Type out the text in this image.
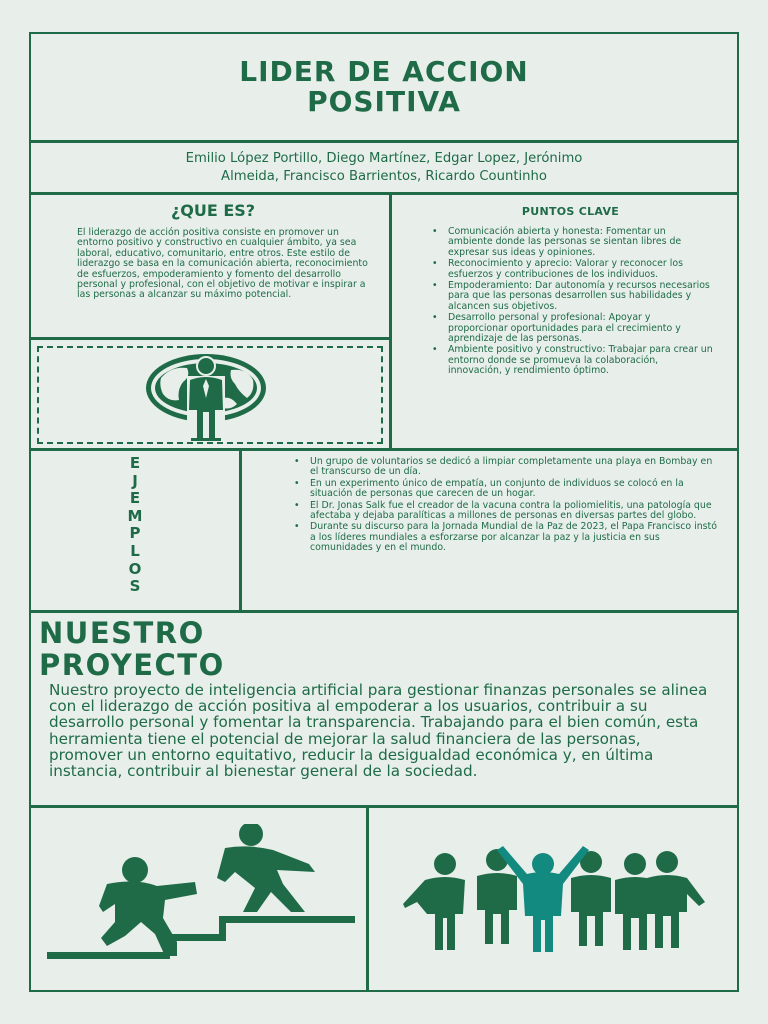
LIDER DE ACCION
POSITIVA
Emilio López Portillo, Diego Martínez, Edgar Lopez, Jerónimo
Almeida, Francisco Barrientos, Ricardo Countinho
¿QUE ES?
El liderazgo de acción positiva consiste en promover un entorno positivo y constructivo en cualquier ámbito, ya sea laboral, educativo, comunitario, entre otros. Este estilo de liderazgo se basa en la comunicación abierta, reconocimiento de esfuerzos, empoderamiento y fomento del desarrollo personal y profesional, con el objetivo de motivar e inspirar a las personas a alcanzar su máximo potencial.
PUNTOS CLAVE
• Comunicación abierta y honesta: Fomentar un ambiente donde las personas se sientan libres de expresar sus ideas y opiniones.
• Reconocimiento y aprecio: Valorar y reconocer los esfuerzos y contribuciones de los individuos.
• Empoderamiento: Dar autonomía y recursos necesarios para que las personas desarrollen sus habilidades y alcancen sus objetivos.
• Desarrollo personal y profesional: Apoyar y proporcionar oportunidades para el crecimiento y aprendizaje de las personas.
• Ambiente positivo y constructivo: Trabajar para crear un entorno donde se promueva la colaboración, innovación, y rendimiento óptimo.
E
J
E
M
P
L
O
S
• Un grupo de voluntarios se dedicó a limpiar completamente una playa en Bombay en el transcurso de un día.
• En un experimento único de empatía, un conjunto de individuos se colocó en la situación de personas que carecen de un hogar.
• El Dr. Jonas Salk fue el creador de la vacuna contra la poliomielitis, una patología que afectaba y dejaba paralíticas a millones de personas en diversas partes del globo.
• Durante su discurso para la Jornada Mundial de la Paz de 2023, el Papa Francisco instó a los líderes mundiales a esforzarse por alcanzar la paz y la justicia en sus comunidades y en el mundo.
NUESTRO
PROYECTO
Nuestro proyecto de inteligencia artificial para gestionar finanzas personales se alinea con el liderazgo de acción positiva al empoderar a los usuarios, contribuir a su desarrollo personal y fomentar la transparencia. Trabajando para el bien común, esta herramienta tiene el potencial de mejorar la salud financiera de las personas, promover un entorno equitativo, reducir la desigualdad económica y, en última instancia, contribuir al bienestar general de la sociedad.
